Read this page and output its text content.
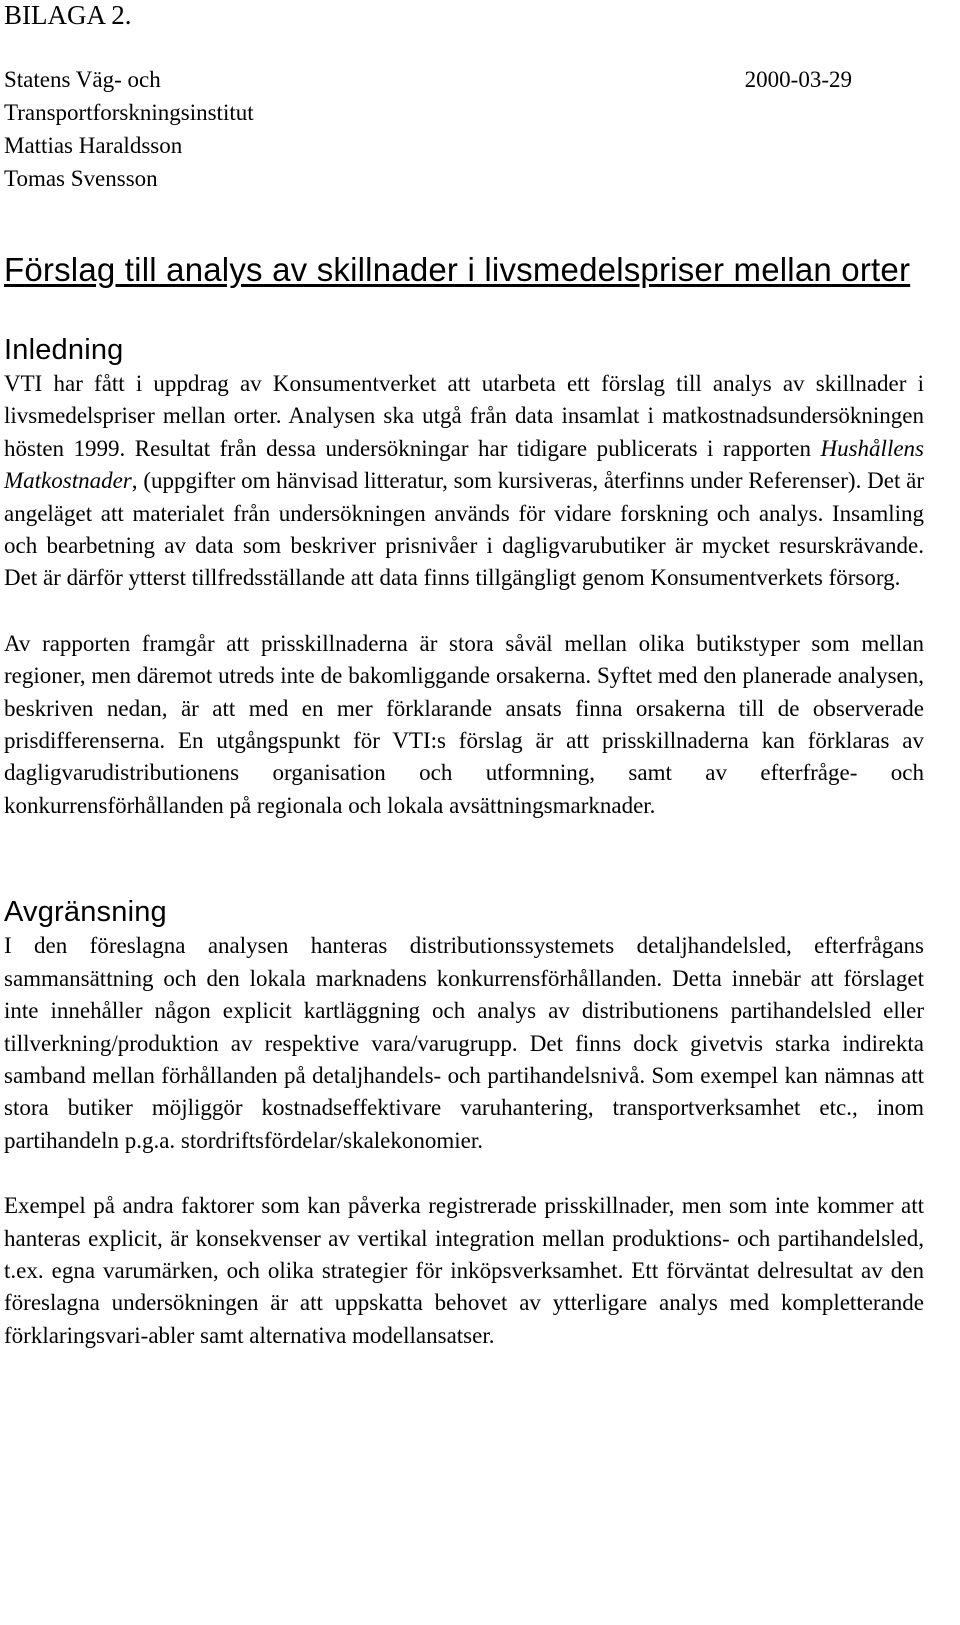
BILAGA 2.
Statens Väg- och	2000-03-29
Transportforskningsinstitut
Mattias Haraldsson
Tomas Svensson
Förslag till analys av skillnader i livsmedelspriser mellan orter
Inledning

VTI har fått i uppdrag av Konsumentverket att utarbeta ett förslag till analys av skillnader i livsmedelspriser mellan orter. Analysen ska utgå från data insamlat i matkostnadsundersökningen hösten 1999. Resultat från dessa undersökningar har tidigare publicerats i rapporten Hushållens Matkostnader, (uppgifter om hänvisad litteratur, som kursiveras, återfinns under Referenser). Det är angeläget att materialet från undersökningen används för vidare forskning och analys. Insamling och bearbetning av data som beskriver prisnivåer i dagligvarubutiker är mycket resurskrävande. Det är därför ytterst tillfredsställande att data finns tillgängligt genom Konsumentverkets försorg.

Av rapporten framgår att prisskillnaderna är stora såväl mellan olika butikstyper som mellan regioner, men däremot utreds inte de bakomliggande orsakerna. Syftet med den planerade analysen, beskriven nedan, är att med en mer förklarande ansats finna orsakerna till de observerade prisdifferenserna. En utgångspunkt för VTI:s förslag är att prisskillnaderna kan förklaras av dagligvarudistributionens organisation och utformning, samt av efterfråge- och konkurrensförhållanden på regionala och lokala avsättningsmarknader.

Avgränsning

I den föreslagna analysen hanteras distributionssystemets detaljhandelsled, efterfrågans sammansättning och den lokala marknadens konkurrensförhållanden. Detta innebär att förslaget inte innehåller någon explicit kartläggning och analys av distributionens partihandelsled eller tillverkning/produktion av respektive vara/varugrupp. Det finns dock givetvis starka indirekta samband mellan förhållanden på detaljhandels- och partihandelsnivå. Som exempel kan nämnas att stora butiker möjliggör kostnadseffektivare varuhantering, transportverksamhet etc., inom partihandeln p.g.a. stordriftsfördelar/skalekonomier.

Exempel på andra faktorer som kan påverka registrerade prisskillnader, men som inte kommer att hanteras explicit, är konsekvenser av vertikal integration mellan produktions- och partihandelsled, t.ex. egna varumärken, och olika strategier för inköpsverksamhet. Ett förväntat delresultat av den föreslagna undersökningen är att uppskatta behovet av ytterligare analys med kompletterande förklaringsvari-abler samt alternativa modellansatser.
